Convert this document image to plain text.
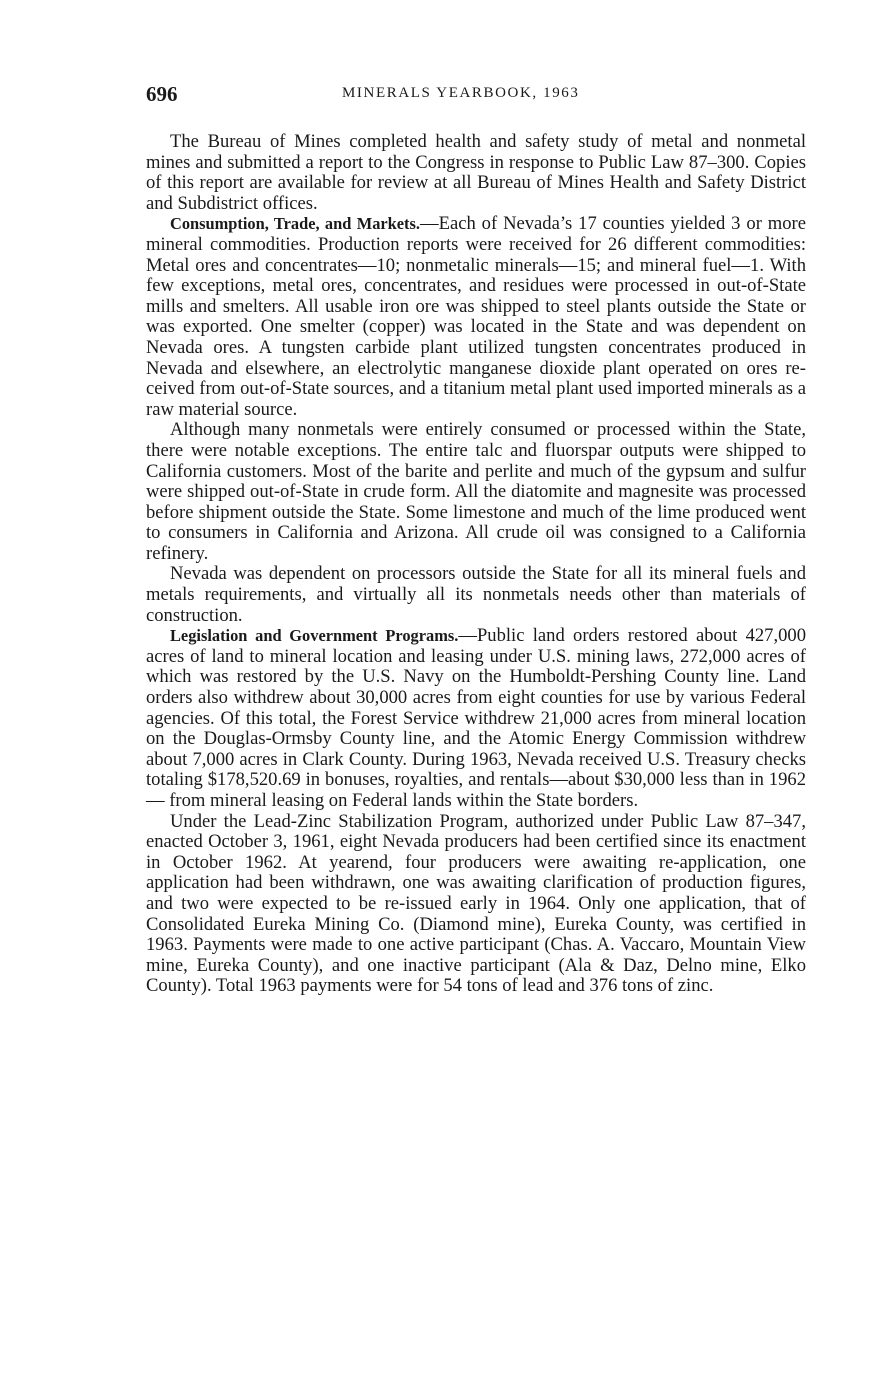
696	MINERALS YEARBOOK, 1963

The Bureau of Mines completed health and safety study of metal and nonmetal mines and submitted a report to the Congress in response to Public Law 87–300. Copies of this report are available for review at all Bureau of Mines Health and Safety District and Subdistrict offices.

Consumption, Trade, and Markets.—Each of Nevada’s 17 counties yielded 3 or more mineral commodities. Production reports were received for 26 different commodities: Metal ores and concentrates—10; nonmetalic minerals—15; and mineral fuel—1. With few exceptions, metal ores, concentrates, and residues were processed in out-of-State mills and smelters. All usable iron ore was shipped to steel plants outside the State or was exported. One smelter (copper) was located in the State and was dependent on Nevada ores. A tungsten carbide plant utilized tungsten concentrates produced in Nevada and elsewhere, an electrolytic manganese dioxide plant operated on ores received from out-of-State sources, and a titanium metal plant used imported minerals as a raw material source.

Although many nonmetals were entirely consumed or processed within the State, there were notable exceptions. The entire talc and fluorspar outputs were shipped to California customers. Most of the barite and perlite and much of the gypsum and sulfur were shipped out-of-State in crude form. All the diatomite and magnesite was processed before shipment outside the State. Some limestone and much of the lime produced went to consumers in California and Arizona. All crude oil was consigned to a California refinery.

Nevada was dependent on processors outside the State for all its mineral fuels and metals requirements, and virtually all its nonmetals needs other than materials of construction.

Legislation and Government Programs.—Public land orders restored about 427,000 acres of land to mineral location and leasing under U.S. mining laws, 272,000 acres of which was restored by the U.S. Navy on the Humboldt-Pershing County line. Land orders also withdrew about 30,000 acres from eight counties for use by various Federal agencies. Of this total, the Forest Service withdrew 21,000 acres from mineral location on the Douglas-Ormsby County line, and the Atomic Energy Commission withdrew about 7,000 acres in Clark County. During 1963, Nevada received U.S. Treasury checks totaling $178,520.69 in bonuses, royalties, and rentals—about $30,000 less than in 1962— from mineral leasing on Federal lands within the State borders.

Under the Lead-Zinc Stabilization Program, authorized under Public Law 87–347, enacted October 3, 1961, eight Nevada producers had been certified since its enactment in October 1962. At yearend, four producers were awaiting re-application, one application had been withdrawn, one was awaiting clarification of production figures, and two were expected to be re-issued early in 1964. Only one application, that of Consolidated Eureka Mining Co. (Diamond mine), Eureka County, was certified in 1963. Payments were made to one active participant (Chas. A. Vaccaro, Mountain View mine, Eureka County), and one inactive participant (Ala & Daz, Delno mine, Elko County). Total 1963 payments were for 54 tons of lead and 376 tons of zinc.
